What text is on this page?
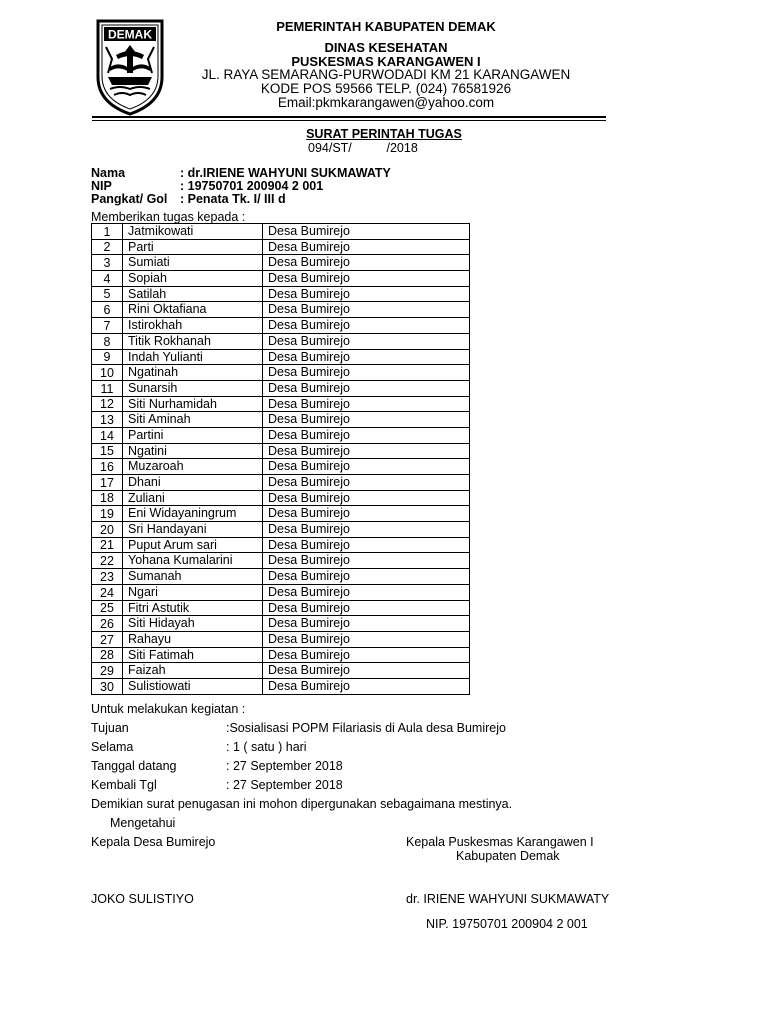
DEMAK
PEMERINTAH KABUPATEN DEMAK
DINAS KESEHATAN
PUSKESMAS KARANGAWEN I
JL. RAYA SEMARANG-PURWODADI KM 21 KARANGAWEN
KODE POS 59566 TELP. (024) 76581926
Email:pkmkarangawen@yahoo.com
SURAT PERINTAH TUGAS
094/ST/          /2018
Nama	: dr.IRIENE WAHYUNI SUKMAWATY
NIP	: 19750701 200904 2 001
Pangkat/ Gol : Penata Tk. I/ III d
Memberikan tugas kepada :
1	Jatmikowati	Desa Bumirejo
2	Parti	Desa Bumirejo
3	Sumiati	Desa Bumirejo
4	Sopiah	Desa Bumirejo
5	Satilah	Desa Bumirejo
6	Rini Oktafiana	Desa Bumirejo
7	Istirokhah	Desa Bumirejo
8	Titik Rokhanah	Desa Bumirejo
9	Indah Yulianti	Desa Bumirejo
10	Ngatinah	Desa Bumirejo
11	Sunarsih	Desa Bumirejo
12	Siti Nurhamidah	Desa Bumirejo
13	Siti Aminah	Desa Bumirejo
14	Partini	Desa Bumirejo
15	Ngatini	Desa Bumirejo
16	Muzaroah	Desa Bumirejo
17	Dhani	Desa Bumirejo
18	Zuliani	Desa Bumirejo
19	Eni Widayaningrum	Desa Bumirejo
20	Sri Handayani	Desa Bumirejo
21	Puput Arum sari	Desa Bumirejo
22	Yohana Kumalarini	Desa Bumirejo
23	Sumanah	Desa Bumirejo
24	Ngari	Desa Bumirejo
25	Fitri Astutik	Desa Bumirejo
26	Siti Hidayah	Desa Bumirejo
27	Rahayu	Desa Bumirejo
28	Siti Fatimah	Desa Bumirejo
29	Faizah	Desa Bumirejo
30	Sulistiowati	Desa Bumirejo
Untuk melakukan kegiatan :
Tujuan	:Sosialisasi POPM Filariasis di Aula desa Bumirejo
Selama	: 1 ( satu ) hari
Tanggal datang	: 27 September 2018
Kembali Tgl	: 27 September 2018
Demikian surat penugasan ini mohon dipergunakan sebagaimana mestinya.
Mengetahui
Kepala Desa Bumirejo	Kepala Puskesmas Karangawen I
Kabupaten Demak
JOKO SULISTIYO	dr. IRIENE WAHYUNI SUKMAWATY
NIP. 19750701 200904 2 001
